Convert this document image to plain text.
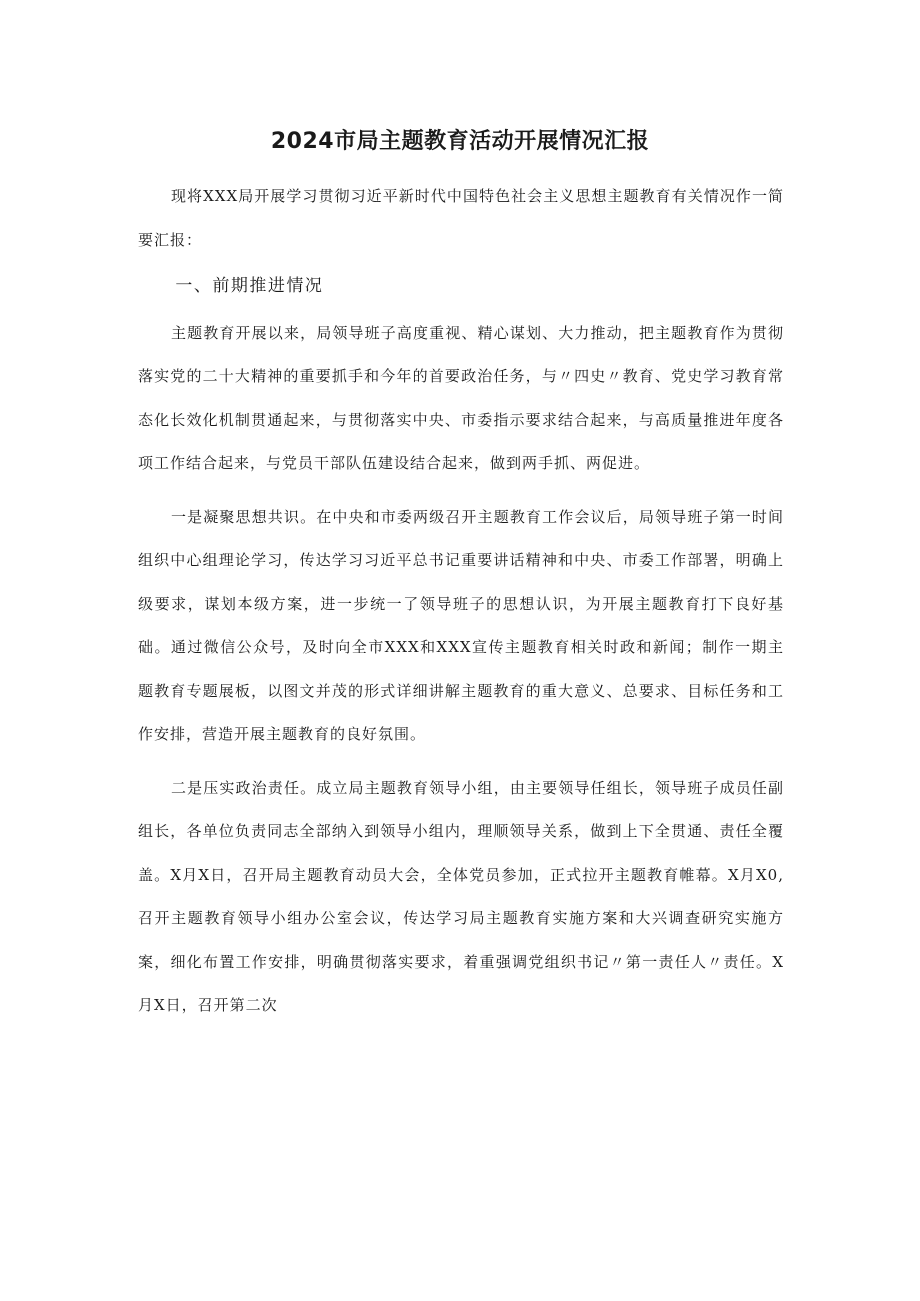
2024市局主题教育活动开展情况汇报

现将XXX局开展学习贯彻习近平新时代中国特色社会主义思想主题教育有关情况作一简要汇报：

一、前期推进情况

主题教育开展以来，局领导班子高度重视、精心谋划、大力推动，把主题教育作为贯彻落实党的二十大精神的重要抓手和今年的首要政治任务，与〃四史〃教育、党史学习教育常态化长效化机制贯通起来，与贯彻落实中央、市委指示要求结合起来，与高质量推进年度各项工作结合起来，与党员干部队伍建设结合起来，做到两手抓、两促进。

一是凝聚思想共识。在中央和市委两级召开主题教育工作会议后，局领导班子第一时间组织中心组理论学习，传达学习习近平总书记重要讲话精神和中央、市委工作部署，明确上级要求，谋划本级方案，进一步统一了领导班子的思想认识，为开展主题教育打下良好基础。通过微信公众号，及时向全市XXX和XXX宣传主题教育相关时政和新闻；制作一期主题教育专题展板，以图文并茂的形式详细讲解主题教育的重大意义、总要求、目标任务和工作安排，营造开展主题教育的良好氛围。

二是压实政治责任。成立局主题教育领导小组，由主要领导任组长，领导班子成员任副组长，各单位负责同志全部纳入到领导小组内，理顺领导关系，做到上下全贯通、责任全覆盖。X月X日，召开局主题教育动员大会，全体党员参加，正式拉开主题教育帷幕。X月X0,召开主题教育领导小组办公室会议，传达学习局主题教育实施方案和大兴调查研究实施方案，细化布置工作安排，明确贯彻落实要求，着重强调党组织书记〃第一责任人〃责任。X月X日，召开第二次
